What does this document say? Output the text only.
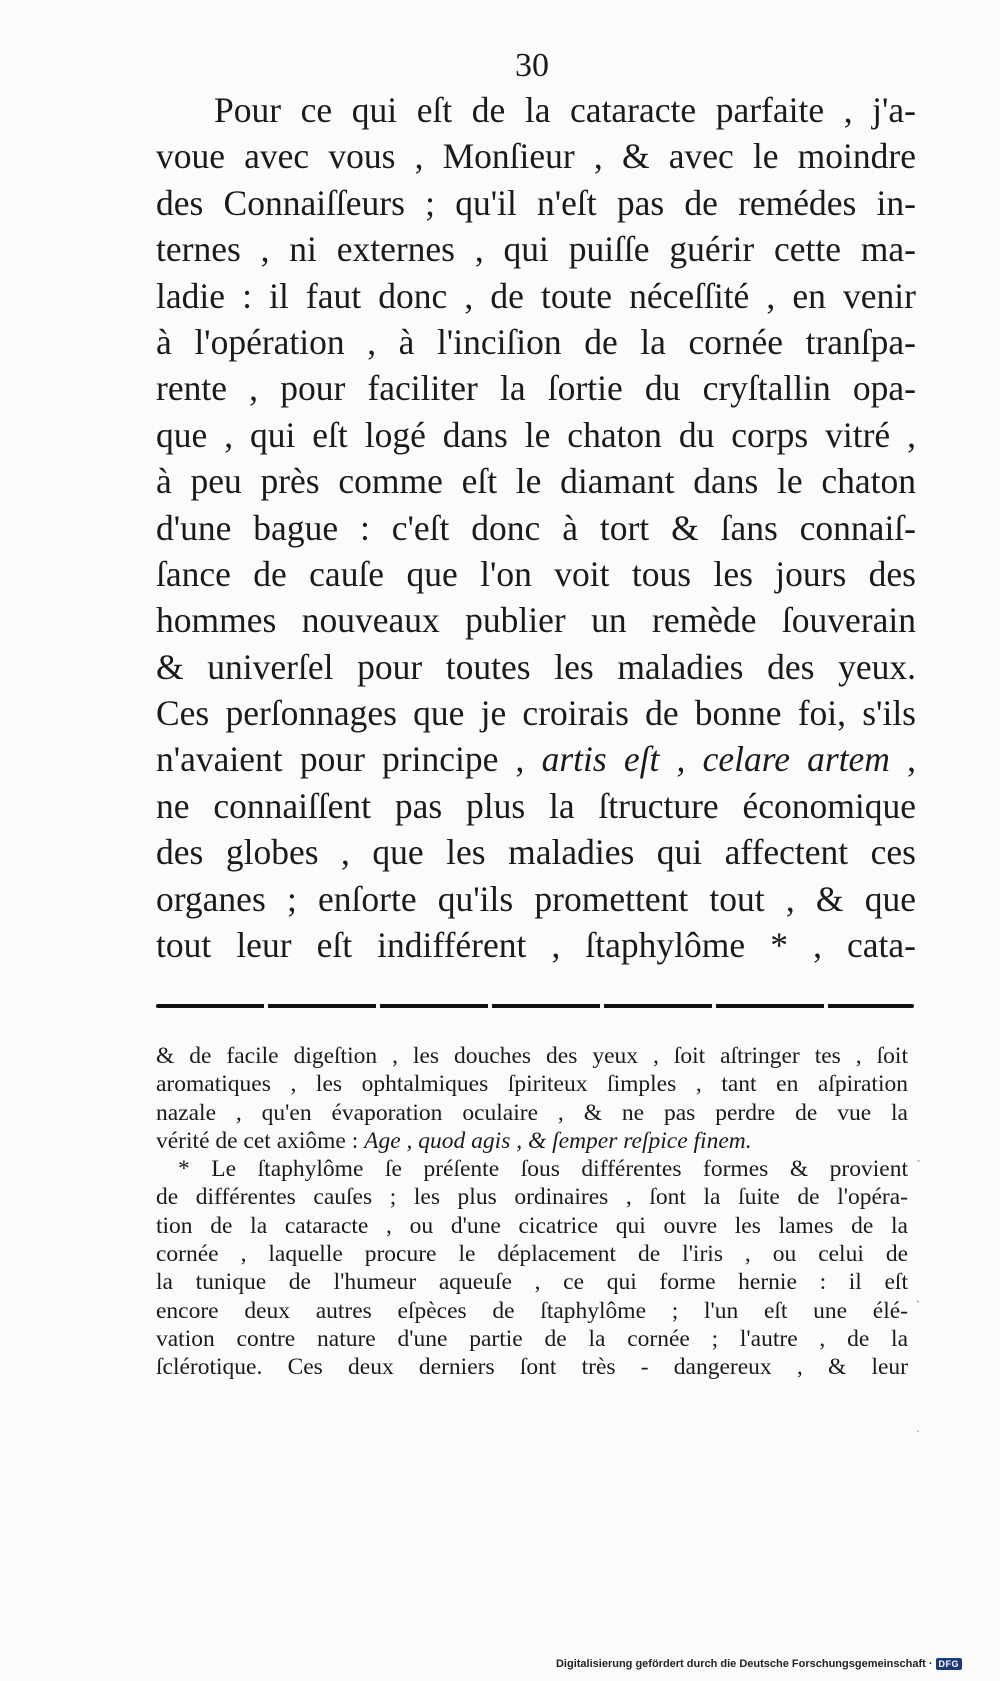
30
Pour ce qui eſt de la cataracte parfaite , j'a-
voue avec vous , Monſieur , & avec le moindre
des Connaiſſeurs ; qu'il n'eſt pas de remédes in-
ternes , ni externes , qui puiſſe guérir cette ma-
ladie : il faut donc , de toute néceſſité , en venir
à l'opération , à l'inciſion de la cornée tranſpa-
rente , pour faciliter la ſortie du cryſtallin opa-
que , qui eſt logé dans le chaton du corps vitré ,
à peu près comme eſt le diamant dans le chaton
d'une bague : c'eſt donc à tort & ſans connaiſ-
ſance de cauſe que l'on voit tous les jours des
hommes nouveaux publier un remède ſouverain
& univerſel pour toutes les maladies des yeux.
Ces perſonnages que je croirais de bonne foi, s'ils
n'avaient pour principe , artis eſt , celare artem ,
ne connaiſſent pas plus la ſtructure économique
des globes , que les maladies qui affectent ces
organes ; enſorte qu'ils promettent tout , & que
tout leur eſt indifférent , ſtaphylôme * , cata-
& de facile digeſtion , les douches des yeux , ſoit aſtringer tes , ſoit
aromatiques , les ophtalmiques ſpiriteux ſimples , tant en aſpiration
nazale , qu'en évaporation oculaire , & ne pas perdre de vue la
vérité de cet axiôme : Age , quod agis , & ſemper reſpice finem.
* Le ſtaphylôme ſe préſente ſous différentes formes & provient
de différentes cauſes ; les plus ordinaires , ſont la ſuite de l'opéra-
tion de la cataracte , ou d'une cicatrice qui ouvre les lames de la
cornée , laquelle procure le déplacement de l'iris , ou celui de
la tunique de l'humeur aqueuſe , ce qui forme hernie : il eſt
encore deux autres eſpèces de ſtaphylôme ; l'un eſt une élé-
vation contre nature d'une partie de la cornée ; l'autre , de la
ſclérotique. Ces deux derniers ſont très - dangereux , & leur
Digitalisierung gefördert durch die Deutsche Forschungsgemeinschaft · DFG
